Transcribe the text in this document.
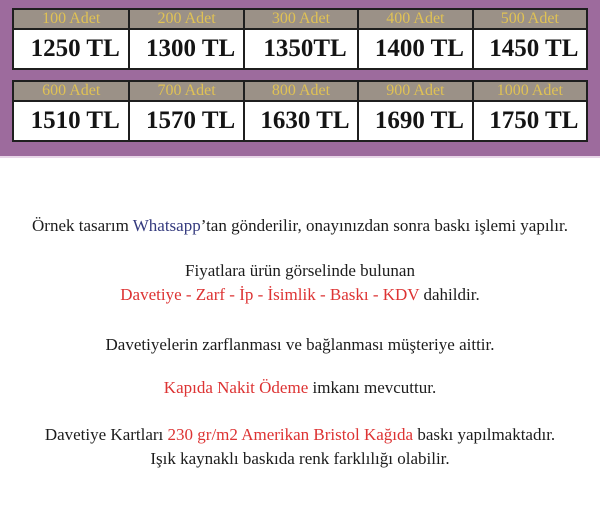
100 Adet	200 Adet	300 Adet	400 Adet	500 Adet
1250 TL	1300 TL	1350TL	1400 TL	1450 TL
600 Adet	700 Adet	800 Adet	900 Adet	1000 Adet
1510 TL	1570 TL	1630 TL	1690 TL	1750 TL

Örnek tasarım Whatsapp’tan gönderilir, onayınızdan sonra baskı işlemi yapılır.

Fiyatlara ürün görselinde bulunan

Davetiye - Zarf - İp - İsimlik - Baskı - KDV dahildir.

Davetiyelerin zarflanması ve bağlanması müşteriye aittir.

Kapıda Nakit Ödeme imkanı mevcuttur.

Davetiye Kartları 230 gr/m2 Amerikan Bristol Kağıda baskı yapılmaktadır.

Işık kaynaklı baskıda renk farklılığı olabilir.
